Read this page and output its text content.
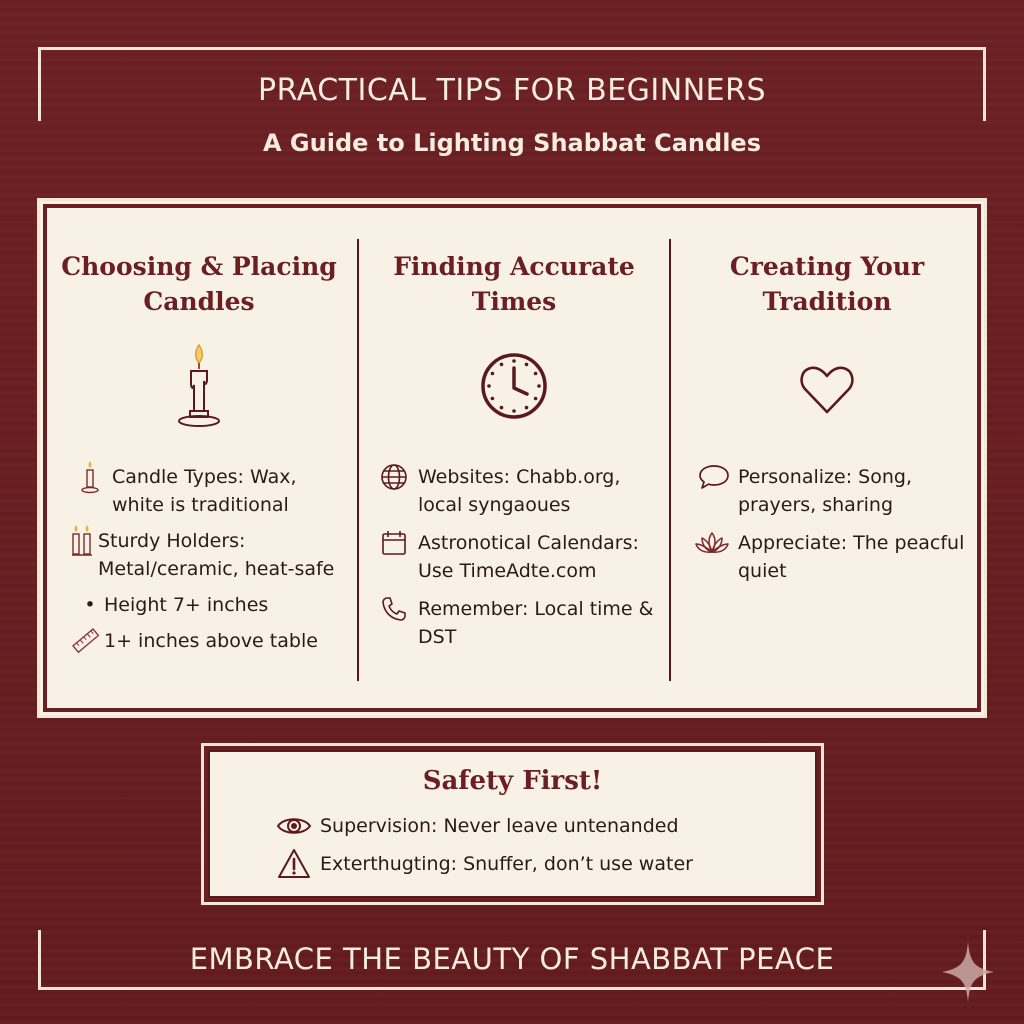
PRACTICAL TIPS FOR BEGINNERS
A Guide to Lighting Shabbat Candles
Choosing & Placing
Candles
Candle Types: Wax, white is traditional
Sturdy Holders: Metal/ceramic, heat-safe
• Height 7+ inches
1+ inches above table
Finding Accurate
Times
Websites: Chabb.org, local syngaoues
Astronotical Calendars: Use TimeAdte.com
Remember: Local time & DST
Creating Your
Tradition
Personalize: Song, prayers, sharing
Appreciate: The peacful quiet
Safety First!
Supervision: Never leave untenanded
Exterthugting: Snuffer, don’t use water
EMBRACE THE BEAUTY OF SHABBAT PEACE
